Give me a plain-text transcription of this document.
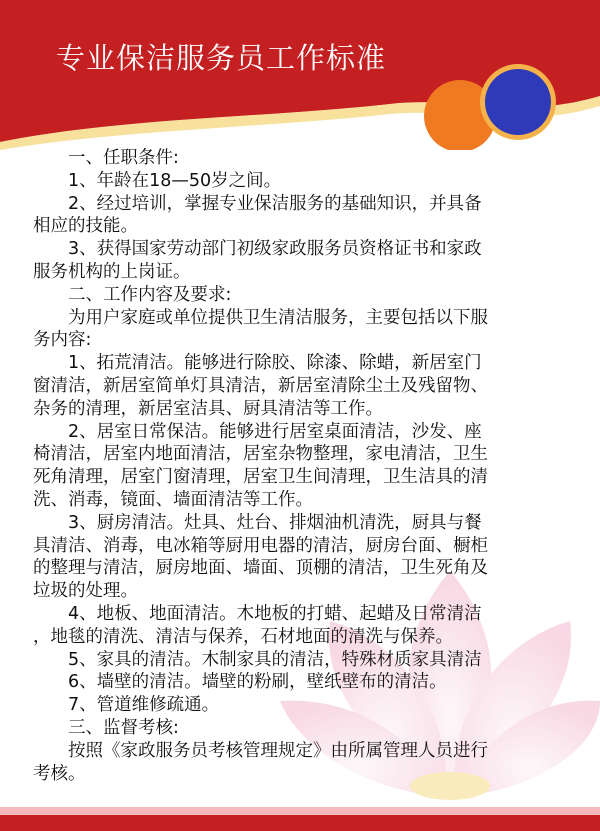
专业保洁服务员工作标准
　　一、任职条件:
　　1、年龄在18—50岁之间。
　　2、经过培训，掌握专业保洁服务的基础知识，并具备
相应的技能。
　　3、获得国家劳动部门初级家政服务员资格证书和家政
服务机构的上岗证。
　　二、工作内容及要求:
　　为用户家庭或单位提供卫生清洁服务，主要包括以下服
务内容:
　　1、拓荒清洁。能够进行除胶、除漆、除蜡，新居室门
窗清洁，新居室简单灯具清洁，新居室清除尘土及残留物、
杂务的清理，新居室洁具、厨具清洁等工作。
　　2、居室日常保洁。能够进行居室桌面清洁，沙发、座
椅清洁，居室内地面清洁，居室杂物整理，家电清洁，卫生
死角清理，居室门窗清理，居室卫生间清理，卫生洁具的清
洗、消毒，镜面、墙面清洁等工作。
　　3、厨房清洁。灶具、灶台、排烟油机清洗，厨具与餐
具清洁、消毒，电冰箱等厨用电器的清洁，厨房台面、橱柜
的整理与清洁，厨房地面、墙面、顶棚的清洁，卫生死角及
垃圾的处理。
　　4、地板、地面清洁。木地板的打蜡、起蜡及日常清洁
，地毯的清洗、清洁与保养，石材地面的清洗与保养。
　　5、家具的清洁。木制家具的清洁，特殊材质家具清洁
　　6、墙壁的清洁。墙壁的粉刷，壁纸壁布的清洁。
　　7、管道维修疏通。
　　三、监督考核:
　　按照《家政服务员考核管理规定》由所属管理人员进行
考核。
